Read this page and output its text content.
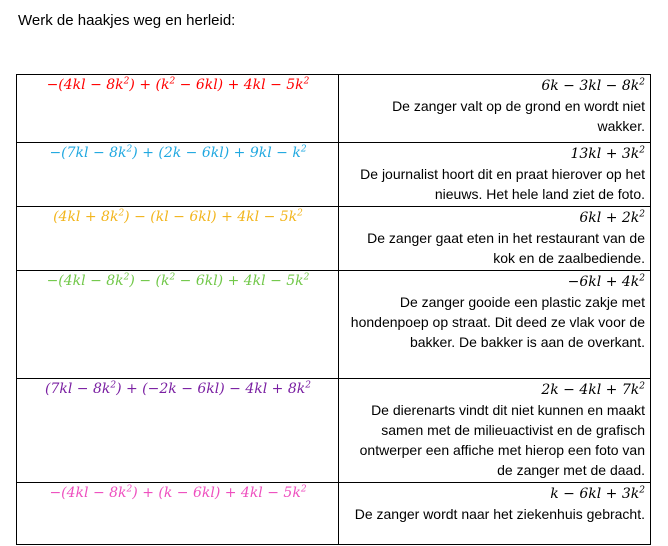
Werk de haakjes weg en herleid:
$-(4kl - 8k^2) + (k^2 - 6kl) + 4kl - 5k^2$	$6k - 3kl - 8k^2$
De zanger valt op de grond en wordt niet wakker.

$-(7kl - 8k^2) + (2k - 6kl) + 9kl - k^2$	$13kl + 3k^2$
De journalist hoort dit en praat hierover op het nieuws. Het hele land ziet de foto.

$(4kl + 8k^2) - (kl - 6kl) + 4kl - 5k^2$	$6kl + 2k^2$
De zanger gaat eten in het restaurant van de kok en de zaalbediende.

$-(4kl - 8k^2) - (k^2 - 6kl) + 4kl - 5k^2$	$-6kl + 4k^2$
De zanger gooide een plastic zakje met hondenpoep op straat. Dit deed ze vlak voor de bakker. De bakker is aan de overkant.

$(7kl - 8k^2) + (-2k - 6kl) - 4kl + 8k^2$	$2k - 4kl + 7k^2$
De dierenarts vindt dit niet kunnen en maakt samen met de milieuactivist en de grafisch ontwerper een affiche met hierop een foto van de zanger met de daad.

$-(4kl - 8k^2) + (k - 6kl) + 4kl - 5k^2$	$k - 6kl + 3k^2$
De zanger wordt naar het ziekenhuis gebracht.
